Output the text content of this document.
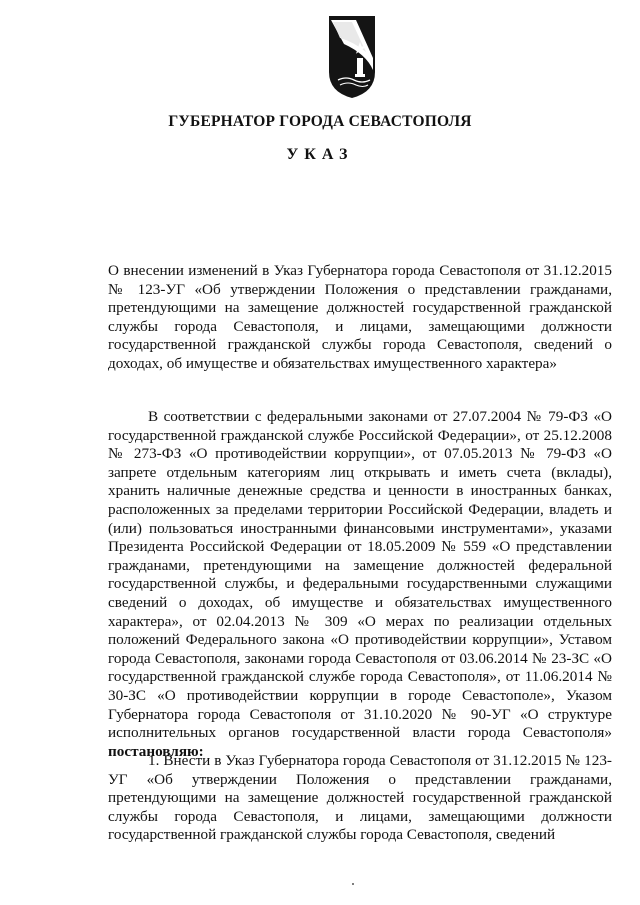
ГУБЕРНАТОР ГОРОДА СЕВАСТОПОЛЯ
УКАЗ
О внесении изменений в Указ Губернатора города Севастополя от 31.12.2015 № 123-УГ «Об утверждении Положения о представлении гражданами, претендующими на замещение должностей государственной гражданской службы города Севастополя, и лицами, замещающими должности государственной гражданской службы города Севастополя, сведений о доходах, об имуществе и обязательствах имущественного характера»
В соответствии с федеральными законами от 27.07.2004 № 79-ФЗ «О государственной гражданской службе Российской Федерации», от 25.12.2008 № 273-ФЗ «О противодействии коррупции», от 07.05.2013 № 79-ФЗ «О запрете отдельным категориям лиц открывать и иметь счета (вклады), хранить наличные денежные средства и ценности в иностранных банках, расположенных за пределами территории Российской Федерации, владеть и (или) пользоваться иностранными финансовыми инструментами», указами Президента Российской Федерации от 18.05.2009 № 559 «О представлении гражданами, претендующими на замещение должностей федеральной государственной службы, и федеральными государственными служащими сведений о доходах, об имуществе и обязательствах имущественного характера», от 02.04.2013 № 309 «О мерах по реализации отдельных положений Федерального закона «О противодействии коррупции», Уставом города Севастополя, законами города Севастополя от 03.06.2014 № 23-ЗС «О государственной гражданской службе города Севастополя», от 11.06.2014 № 30-ЗС «О противодействии коррупции в городе Севастополе», Указом Губернатора города Севастополя от 31.10.2020 № 90-УГ «О структуре исполнительных органов государственной власти города Севастополя» постановляю:
1. Внести в Указ Губернатора города Севастополя от 31.12.2015 № 123-УГ «Об утверждении Положения о представлении гражданами, претендующими на замещение должностей государственной гражданской службы города Севастополя, и лицами, замещающими должности государственной гражданской службы города Севастополя, сведений
